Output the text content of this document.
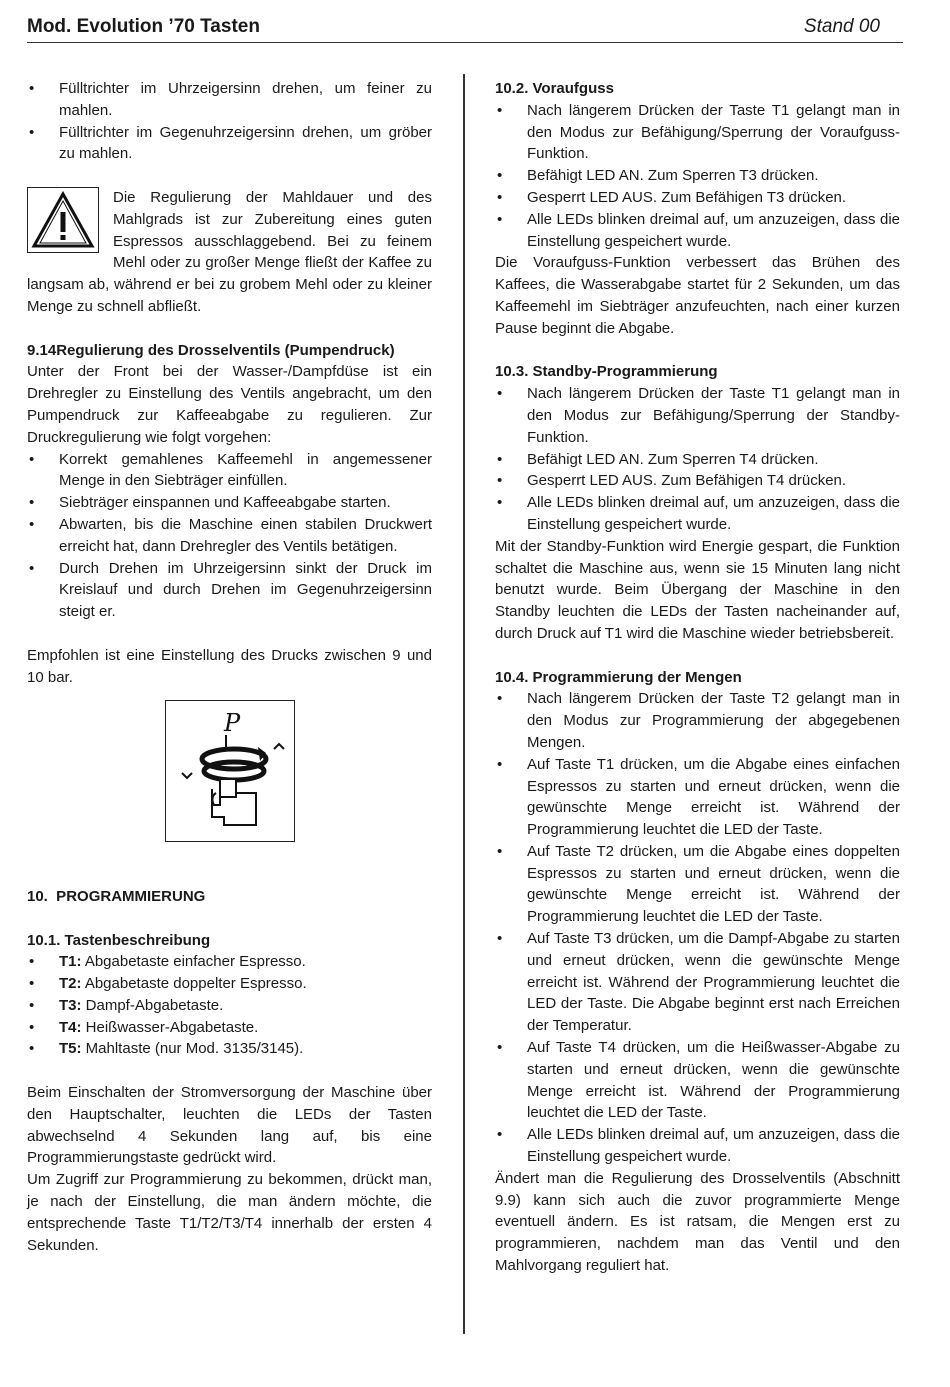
Mod. Evolution ’70 Tasten	Stand 00
• Fülltrichter im Uhrzeigersinn drehen, um feiner zu mahlen.
• Fülltrichter im Gegenuhrzeigersinn drehen, um gröber zu mahlen.

Die Regulierung der Mahldauer und des Mahlgrads ist zur Zubereitung eines guten Espressos ausschlaggebend. Bei zu feinem Mehl oder zu großer Menge fließt der Kaffee zu langsam ab, während er bei zu grobem Mehl oder zu kleiner Menge zu schnell abfließt.

9.14Regulierung des Drosselventils (Pumpendruck)

Unter der Front bei der Wasser-/Dampfdüse ist ein Drehregler zu Einstellung des Ventils angebracht, um den Pumpendruck zur Kaffeeabgabe zu regulieren. Zur Druckregulierung wie folgt vorgehen:

• Korrekt gemahlenes Kaffeemehl in angemessener Menge in den Siebträger einfüllen.
• Siebträger einspannen und Kaffeeabgabe starten.
• Abwarten, bis die Maschine einen stabilen Druckwert erreicht hat, dann Drehregler des Ventils betätigen.
• Durch Drehen im Uhrzeigersinn sinkt der Druck im Kreislauf und durch Drehen im Gegenuhrzeigersinn steigt er.

Empfohlen ist eine Einstellung des Drucks zwischen 9 und 10 bar.

P

10.  PROGRAMMIERUNG

10.1. Tastenbeschreibung

• T1: Abgabetaste einfacher Espresso.
• T2: Abgabetaste doppelter Espresso.
• T3: Dampf-Abgabetaste.
• T4: Heißwasser-Abgabetaste.
• T5: Mahltaste (nur Mod. 3135/3145).

Beim Einschalten der Stromversorgung der Maschine über den Hauptschalter, leuchten die LEDs der Tasten abwechselnd 4 Sekunden lang auf, bis eine Programmierungstaste gedrückt wird.

Um Zugriff zur Programmierung zu bekommen, drückt man, je nach der Einstellung, die man ändern möchte, die entsprechende Taste T1/T2/T3/T4 innerhalb der ersten 4 Sekunden.

10.2. Voraufguss

• Nach längerem Drücken der Taste T1 gelangt man in den Modus zur Befähigung/Sperrung der Voraufguss-Funktion.
• Befähigt LED AN. Zum Sperren T3 drücken.
• Gesperrt LED AUS. Zum Befähigen T3 drücken.
• Alle LEDs blinken dreimal auf, um anzuzeigen, dass die Einstellung gespeichert wurde.

Die Voraufguss-Funktion verbessert das Brühen des Kaffees, die Wasserabgabe startet für 2 Sekunden, um das Kaffeemehl im Siebträger anzufeuchten, nach einer kurzen Pause beginnt die Abgabe.

10.3. Standby-Programmierung

• Nach längerem Drücken der Taste T1 gelangt man in den Modus zur Befähigung/Sperrung der Standby-Funktion.
• Befähigt LED AN. Zum Sperren T4 drücken.
• Gesperrt LED AUS. Zum Befähigen T4 drücken.
• Alle LEDs blinken dreimal auf, um anzuzeigen, dass die Einstellung gespeichert wurde.

Mit der Standby-Funktion wird Energie gespart, die Funktion schaltet die Maschine aus, wenn sie 15 Minuten lang nicht benutzt wurde. Beim Übergang der Maschine in den Standby leuchten die LEDs der Tasten nacheinander auf, durch Druck auf T1 wird die Maschine wieder betriebsbereit.

10.4. Programmierung der Mengen

• Nach längerem Drücken der Taste T2 gelangt man in den Modus zur Programmierung der abgegebenen Mengen.
• Auf Taste T1 drücken, um die Abgabe eines einfachen Espressos zu starten und erneut drücken, wenn die gewünschte Menge erreicht ist. Während der Programmierung leuchtet die LED der Taste.
• Auf Taste T2 drücken, um die Abgabe eines doppelten Espressos zu starten und erneut drücken, wenn die gewünschte Menge erreicht ist. Während der Programmierung leuchtet die LED der Taste.
• Auf Taste T3 drücken, um die Dampf-Abgabe zu starten und erneut drücken, wenn die gewünschte Menge erreicht ist. Während der Programmierung leuchtet die LED der Taste. Die Abgabe beginnt erst nach Erreichen der Temperatur.
• Auf Taste T4 drücken, um die Heißwasser-Abgabe zu starten und erneut drücken, wenn die gewünschte Menge erreicht ist. Während der Programmierung leuchtet die LED der Taste.
• Alle LEDs blinken dreimal auf, um anzuzeigen, dass die Einstellung gespeichert wurde.

Ändert man die Regulierung des Drosselventils (Abschnitt 9.9) kann sich auch die zuvor programmierte Menge eventuell ändern. Es ist ratsam, die Mengen erst zu programmieren, nachdem man das Ventil und den Mahlvorgang reguliert hat.
